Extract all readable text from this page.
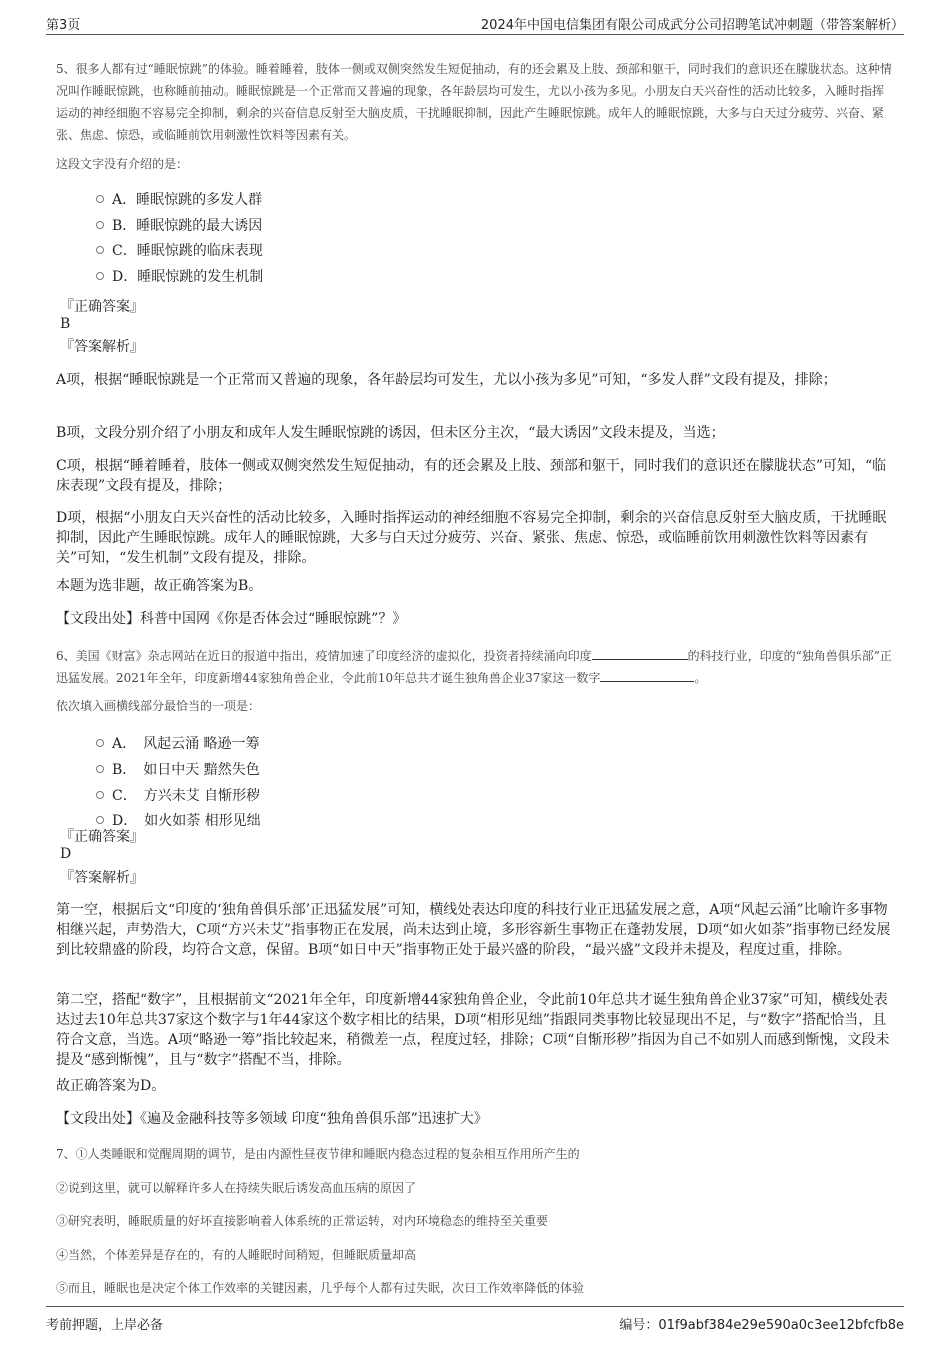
第3页	2024年中国电信集团有限公司成武分公司招聘笔试冲刺题（带答案解析）
5、很多人都有过“睡眠惊跳”的体验。睡着睡着，肢体一侧或双侧突然发生短促抽动，有的还会累及上肢、颈部和躯干，同时我们的意识还在朦胧状态。这种情况叫作睡眠惊跳，也称睡前抽动。睡眠惊跳是一个正常而又普遍的现象，各年龄层均可发生，尤以小孩为多见。小朋友白天兴奋性的活动比较多，入睡时指挥运动的神经细胞不容易完全抑制，剩余的兴奋信息反射至大脑皮质，干扰睡眠抑制，因此产生睡眠惊跳。成年人的睡眠惊跳，大多与白天过分疲劳、兴奋、紧张、焦虑、惊恐，或临睡前饮用刺激性饮料等因素有关。
这段文字没有介绍的是：
A．睡眠惊跳的多发人群
B．睡眠惊跳的最大诱因
C．睡眠惊跳的临床表现
D．睡眠惊跳的发生机制
『正确答案』
B
『答案解析』
A项，根据“睡眠惊跳是一个正常而又普遍的现象，各年龄层均可发生，尤以小孩为多见”可知，“多发人群”文段有提及，排除；
B项，文段分别介绍了小朋友和成年人发生睡眠惊跳的诱因，但未区分主次，“最大诱因”文段未提及，当选；
C项，根据“睡着睡着，肢体一侧或双侧突然发生短促抽动，有的还会累及上肢、颈部和躯干，同时我们的意识还在朦胧状态”可知，“临床表现”文段有提及，排除；
D项，根据“小朋友白天兴奋性的活动比较多，入睡时指挥运动的神经细胞不容易完全抑制，剩余的兴奋信息反射至大脑皮质，干扰睡眠抑制，因此产生睡眠惊跳。成年人的睡眠惊跳，大多与白天过分疲劳、兴奋、紧张、焦虑、惊恐，或临睡前饮用刺激性饮料等因素有关”可知，“发生机制”文段有提及，排除。
本题为选非题，故正确答案为B。
【文段出处】科普中国网《你是否体会过“睡眠惊跳”？》
6、美国《财富》杂志网站在近日的报道中指出，疫情加速了印度经济的虚拟化，投资者持续涌向印度	的科技行业，印度的“独角兽俱乐部”正迅猛发展。2021年全年，印度新增44家独角兽企业，令此前10年总共才诞生独角兽企业37家这一数字	。
依次填入画横线部分最恰当的一项是：
A．　风起云涌 略逊一筹
B．　如日中天 黯然失色
C．　方兴未艾 自惭形秽
D．　如火如荼 相形见绌
『正确答案』
D
『答案解析』
第一空，根据后文“印度的‘独角兽俱乐部’正迅猛发展”可知，横线处表达印度的科技行业正迅猛发展之意，A项“风起云涌”比喻许多事物相继兴起，声势浩大，C项“方兴未艾”指事物正在发展，尚未达到止境，多形容新生事物正在蓬勃发展，D项“如火如荼”指事物已经发展到比较鼎盛的阶段，均符合文意，保留。B项“如日中天”指事物正处于最兴盛的阶段，“最兴盛”文段并未提及，程度过重，排除。
第二空，搭配“数字”，且根据前文“2021年全年，印度新增44家独角兽企业，令此前10年总共才诞生独角兽企业37家”可知，横线处表达过去10年总共37家这个数字与1年44家这个数字相比的结果，D项“相形见绌”指跟同类事物比较显现出不足，与“数字”搭配恰当，且符合文意，当选。A项“略逊一筹”指比较起来，稍微差一点，程度过轻，排除；C项“自惭形秽”指因为自己不如别人而感到惭愧，文段未提及“感到惭愧”，且与“数字”搭配不当，排除。
故正确答案为D。
【文段出处】《遍及金融科技等多领域 印度“独角兽俱乐部”迅速扩大》
7、①人类睡眠和觉醒周期的调节，是由内源性昼夜节律和睡眠内稳态过程的复杂相互作用所产生的
②说到这里，就可以解释许多人在持续失眠后诱发高血压病的原因了
③研究表明，睡眠质量的好坏直接影响着人体系统的正常运转，对内环境稳态的维持至关重要
④当然，个体差异是存在的，有的人睡眠时间稍短，但睡眠质量却高
⑤而且，睡眠也是决定个体工作效率的关键因素，几乎每个人都有过失眠，次日工作效率降低的体验
考前押题，上岸必备	编号：01f9abf384e29e590a0c3ee12bfcfb8e
